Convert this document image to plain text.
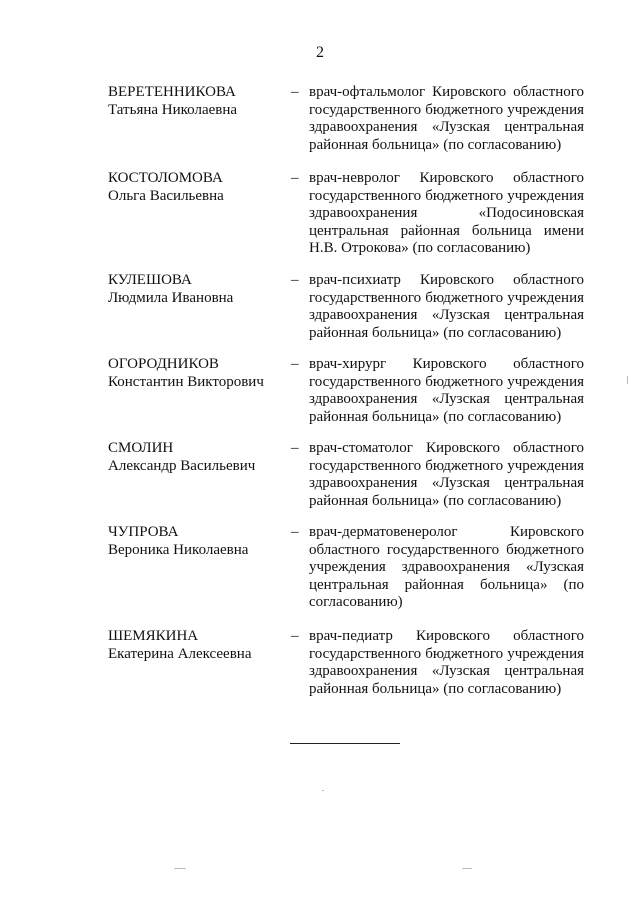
2
ВЕРЕТЕННИКОВА
Татьяна Николаевна
– врач-офтальмолог Кировского областного государственного бюджетного учреждения здравоохранения «Лузская центральная районная больница» (по согласованию)
КОСТОЛОМОВА
Ольга Васильевна
– врач-невролог Кировского областного государственного бюджетного учреждения здравоохранения «Подосиновская центральная районная больница имени Н.В. Отрокова» (по согласованию)
КУЛЕШОВА
Людмила Ивановна
– врач-психиатр Кировского областного государственного бюджетного учреждения здравоохранения «Лузская центральная районная больница» (по согласованию)
ОГОРОДНИКОВ
Константин Викторович
– врач-хирург Кировского областного государственного бюджетного учреждения здравоохранения «Лузская центральная районная больница» (по согласованию)
СМОЛИН
Александр Васильевич
– врач-стоматолог Кировского областного государственного бюджетного учреждения здравоохранения «Лузская центральная районная больница» (по согласованию)
ЧУПРОВА
Вероника Николаевна
– врач-дерматовенеролог Кировского областного государственного бюджетного учреждения здравоохранения «Лузская центральная районная больница» (по согласованию)
ШЕМЯКИНА
Екатерина Алексеевна
– врач-педиатр Кировского областного государственного бюджетного учреждения здравоохранения «Лузская центральная районная больница» (по согласованию)
